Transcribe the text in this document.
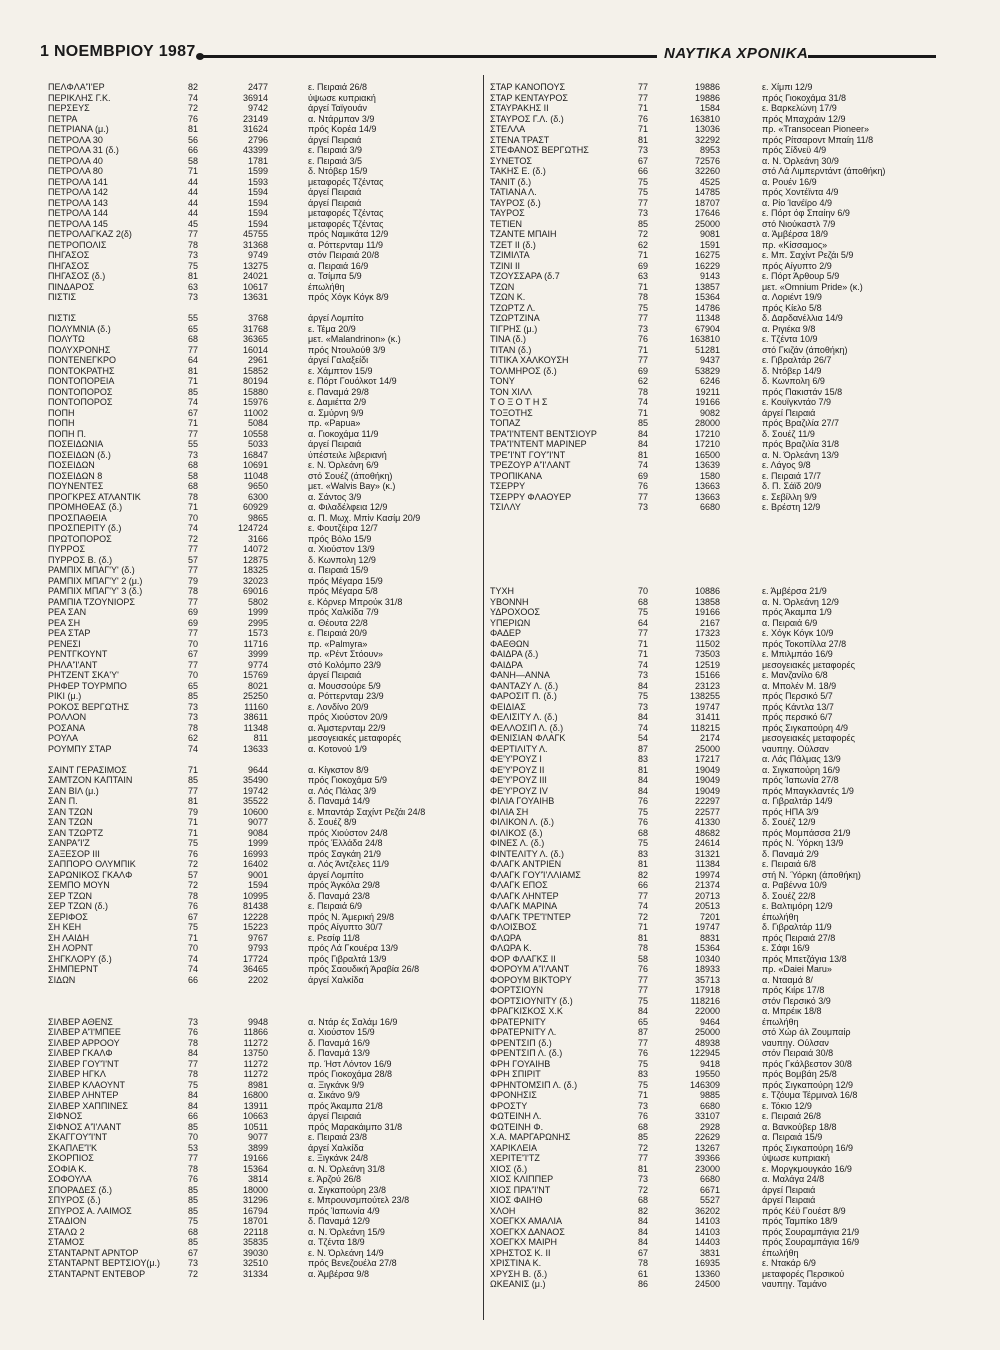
1 ΝΟΕΜΒΡΙΟΥ 1987	ΝΑΥΤΙΚΑ ΧΡΟΝΙΚΑ
ΠΕΛΦΛΑ'Ί'ΕΡ	82	2477	ε. Πειραιά 26/8
ΠΕΡΙΚΛΗΣ Γ.Κ.	74	36914	ύψωσε κυπριακή
ΠΕΡΣΕΥΣ	72	9742	άργεί Ταϊγουάν
ΠΕΤΡΑ	76	23149	α. Ντάρμπαν 3/9
ΠΕΤΡΙΑΝΑ (μ.)	81	31624	πρός Κορέα 14/9
ΠΕΤΡΟΛΑ 30	56	2796	άργεί Πειραιά
ΠΕΤΡΟΛΑ 31 (δ.)	66	43399	ε. Πειραιά 3/9
ΠΕΤΡΟΛΑ 40	58	1781	ε. Πειραιά 3/5
ΠΕΤΡΟΛΑ 80	71	1599	δ. Ντόβερ 15/9
ΠΕΤΡΟΛΑ 141	44	1593	μεταφορές Τζέντας
ΠΕΤΡΟΛΑ 142	44	1594	άργεί Πειραιά
ΠΕΤΡΟΛΑ 143	44	1594	άργεί Πειραιά
ΠΕΤΡΟΛΑ 144	44	1594	μεταφορές Τζέντας
ΠΕΤΡΟΛΑ 145	45	1594	μεταφορές Τζέντας
ΠΕΤΡΟΛΑΓΚΑΖ 2(δ)	77	45755	πρός Ναμικάτα 12/9
ΠΕΤΡΟΠΟΛΙΣ	78	31368	α. Ρόττερνταμ 11/9
ΠΗΓΑΣΟΣ	73	9749	στόν Πειραιά 20/8
ΠΗΓΑΣΟΣ	75	13275	α. Πειραιά 16/9
ΠΗΓΑΣΟΣ (δ.)	81	24021	α. Τσίμπα 5/9
ΠΙΝΔΑΡΟΣ	63	10617	έπωλήθη
ΠΙΣΤΙΣ	73	13631	πρός Χόγκ Κόγκ 8/9
ΠΙΣΤΙΣ	55	3768	άργεί Λομπίτο
ΠΟΛΥΜΝΙΑ (δ.)	65	31768	ε. Τέμα 20/9
ΠΟΛΥΤΩ	68	36365	μετ. «Malandrinon» (κ.)
ΠΟΛΥΧΡΟΝΗΣ	77	16014	πρός Ντουλούθ 3/9
ΠΟΝΤΕΝΕΓΚΡΟ	64	2961	άργεί Γαλαξείδι
ΠΟΝΤΟΚΡΑΤΗΣ	81	15852	ε. Χάμπτον 15/9
ΠΟΝΤΟΠΟΡΕΙΑ	71	80194	ε. Πόρτ Γουόλκοτ 14/9
ΠΟΝΤΟΠΟΡΟΣ	85	15880	ε. Παναμά 29/8
ΠΟΝΤΟΠΟΡΟΣ	74	15976	ε. Δαμιέττα 2/9
ΠΟΠΗ	67	11002	α. Σμύρνη 9/9
ΠΟΠΗ	71	5084	πρ. «Papua»
ΠΟΠΗ Π.	77	10558	α. Γιοκοχάμα 11/9
ΠΟΣΕΙΔΩΝΙΑ	55	5033	άργεί Πειραιά
ΠΟΣΕΙΔΩΝ (δ.)	73	16847	ύπέστειλε λιβεριανή
ΠΟΣΕΙΔΩΝ	68	10691	ε. Ν. Όρλεάνη 6/9
ΠΟΣΕΙΔΩΝ 8	58	11048	στό Σουέζ (άποθήκη)
ΠΟΥΝΕΝΤΕΣ	68	9650	μετ. «Walvis Bay» (κ.)
ΠΡΟΓΚΡΕΣ ΑΤΛΑΝΤΙΚ	78	6300	α. Σάντος 3/9
ΠΡΟΜΗΘΕΑΣ (δ.)	71	60929	α. Φιλαδέλφεια 12/9
ΠΡΟΣΠΑΘΕΙΑ	70	9865	α. Π. Μωχ. Μπίν Κασίμ 20/9
ΠΡΟΣΠΕΡΙΤΥ (δ.)	74	124724	ε. Φουτζέιρα 12/7
ΠΡΩΤΟΠΟΡΟΣ	72	3166	πρός Βόλο 15/9
ΠΥΡΡΟΣ	77	14072	α. Χιούστον 13/9
ΠΥΡΡΟΣ Β. (δ.)	57	12875	δ. Κωνπολη 12/9
ΡΑΜΠΙΧ ΜΠΑΓ'Υ' (δ.)	77	18325	α. Πειραιά 15/9
ΡΑΜΠΙΧ ΜΠΑΓ'Υ' 2 (μ.)	79	32023	πρός Μέγαρα 15/9
ΡΑΜΠΙΧ ΜΠΑΓ'Υ' 3 (δ.)	78	69016	πρός Μέγαρα 5/8
ΡΑΜΠΙΑ ΤΖΟΥΝΙΟΡΣ	77	5802	ε. Κόρνερ Μπρούκ 31/8
ΡΕΑ ΣΑΝ	69	1999	πρός Χαλκίδα 7/9
ΡΕΑ ΣΗ	69	2995	α. Θέουτα 22/8
ΡΕΑ ΣΤΑΡ	77	1573	ε. Πειραιά 20/9
ΡΕΝΕΣΙ	70	11716	πρ. «Palmyra»
ΡΕΝΤΓΚΟΥΝΤ	67	3999	πρ. «Ρέντ Στόουν»
ΡΗΛΑ'Ί'ΑΝΤ	77	9774	στό Κολόμπο 23/9
ΡΗΤΖΕΝΤ ΣΚΑ'Υ'	70	15769	άργεί Πειραιά
ΡΗΦΕΡ ΤΟΥΡΜΠΟ	65	8021	α. Μουσσούρε 5/9
ΡΙΚΙ (μ.)	85	25250	α. Ρόττερνταμ 23/9
ΡΟΚΟΣ ΒΕΡΓΩΤΗΣ	73	11160	ε. Λονδίνο 20/9
ΡΟΛΛΟΝ	73	38611	πρός Χιούστον 20/9
ΡΟΣΑΝΑ	78	11348	α. Άμστερνταμ 22/9
ΡΟΥΛΑ	62	811	μεσογειακές μεταφορές
ΡΟΥΜΠΥ ΣΤΑΡ	74	13633	α. Κοτονού 1/9
ΣΑΙΝΤ ΓΕΡΑΣΙΜΟΣ	71	9644	α. Κίγκστον 8/9
ΣΑΜΤΖΟΝ ΚΑΠΤΑΙΝ	85	35490	πρός Γιοκοχάμα 5/9
ΣΑΝ ΒΙΛ (μ.)	77	19742	α. Λός Πάλας 3/9
ΣΑΝ Π.	81	35522	δ. Παναμά 14/9
ΣΑΝ ΤΖΩΝ	79	10600	ε. Μπαντάρ Σαχίντ Ρεζάι 24/8
ΣΑΝ ΤΖΩΝ	71	9077	δ. Σουέζ 8/9
ΣΑΝ ΤΖΩΡΤΖ	71	9084	πρός Χιούστον 24/8
ΣΑΝΡΑ'Ί'Ζ	75	1999	πρός Έλλάδα 24/8
ΣΑΞΕΣΟΡ ΙΙΙ	76	16993	πρός Σαγκάη 21/9
ΣΑΠΠΟΡΟ ΟΛΥΜΠΙΚ	72	16402	α. Λός Άντζελες 11/9
ΣΑΡΩΝΙΚΟΣ ΓΚΑΛΦ	57	9001	άργεί Λομπίτο
ΣΕΜΠΟ ΜΟΥΝ	72	1594	πρός Άγκόλα 29/8
ΣΕΡ ΤΖΩΝ	78	10995	δ. Παναμά 23/8
ΣΕΡ ΤΖΩΝ (δ.)	76	81438	ε. Πειραιά 6/9
ΣΕΡΙΦΟΣ	67	12228	πρός Ν. Άμερική 29/8
ΣΗ ΚΕΗ	75	15223	πρός Αίγυπτο 30/7
ΣΗ ΛΑΙΔΗ	71	9767	ε. Ρεσίφ 11/8
ΣΗ ΛΟΡΝΤ	70	9793	πρός Λά Γκουέρα 13/9
ΣΗΓΚΛΟΡΥ (δ.)	74	17724	πρός Γιβραλτά 13/9
ΣΗΜΠΕΡΝΤ	74	36465	πρός Σαουδική Άραβία 26/8
ΣΙΔΩΝ	66	2202	άργεί Χαλκίδα
ΣΙΛΒΕΡ ΑΘΕΝΣ	73	9948	α. Ντάρ ές Σαλάμ 16/9
ΣΙΛΒΕΡ Α'Ί'ΜΠΕΕ	76	11866	α. Χιούστον 15/9
ΣΙΛΒΕΡ ΑΡΡΟΟΥ	78	11272	δ. Παναμά 16/9
ΣΙΛΒΕΡ ΓΚΑΛΦ	84	13750	δ. Παναμά 13/9
ΣΙΛΒΕΡ ΓΟΥ'Ί'ΝΤ	77	11272	πρ. Ήστ Λόντον 16/9
ΣΙΛΒΕΡ ΗΓΚΛ	78	11272	πρός Γιοκοχάμα 28/8
ΣΙΛΒΕΡ ΚΛΑΟΥΝΤ	75	8981	α. Ξιγκάνκ 9/9
ΣΙΛΒΕΡ ΛΗΝΤΕΡ	84	16800	α. Σικάνο 9/9
ΣΙΛΒΕΡ ΧΑΠΠΙΝΕΣ	84	13911	πρός Άκαμπα 21/8
ΣΙΦΝΟΣ	66	10663	άργεί Πειραιά
ΣΙΦΝΟΣ Α'Ί'ΛΑΝΤ	85	10511	πρός Μαρακάιμπο 31/8
ΣΚΑΓΓΟΥ'Ί'ΝΤ	70	9077	ε. Πειραιά 23/8
ΣΚΑΠΛΕ'Ί'Κ	53	3899	άργεί Χαλκίδα
ΣΚΟΡΠΙΟΣ	77	19166	ε. Ξιγκάνκ 24/8
ΣΟΦΙΑ Κ.	78	15364	α. Ν. Όρλεάνη 31/8
ΣΟΦΟΥΛΑ	76	3814	ε. Άρζού 26/8
ΣΠΟΡΑΔΕΣ (δ.)	85	18000	α. Σιγκαπούρη 23/8
ΣΠΥΡΟΣ (δ.)	85	31296	ε. Μπρουνσμπούτελ 23/8
ΣΠΥΡΟΣ Α. ΛΑΙΜΟΣ	85	16794	πρός Ίαπωνία 4/9
ΣΤΑΔΙΟΝ	75	18701	δ. Παναμά 12/9
ΣΤΑΛΩ 2	68	22118	α. Ν. Όρλεάνη 15/9
ΣΤΑΜΟΣ	85	35835	α. Τζέντα 18/9
ΣΤΑΝΤΑΡΝΤ ΑΡΝΤΟΡ	67	39030	ε. Ν. Όρλεάνη 14/9
ΣΤΑΝΤΑΡΝΤ ΒΕΡΤΣΙΟΥ(μ.)	73	32510	πρός Βενεζουέλα 27/8
ΣΤΑΝΤΑΡΝΤ ΕΝΤΕΒΟΡ	72	31334	α. Άμβέρσα 9/8
ΣΤΑΡ ΚΑΝΟΠΟΥΣ	77	19886	ε. Χίμπι 12/9
ΣΤΑΡ ΚΕΝΤΑΥΡΟΣ	77	19886	πρός Γιοκοχάμα 31/8
ΣΤΑΥΡΑΚΗΣ ΙΙ	71	1584	ε. Βαρκελώνη 17/9
ΣΤΑΥΡΟΣ Γ.Λ. (δ.)	76	163810	πρός Μπαχράιν 12/9
ΣΤΕΛΛΑ	71	13036	πρ. «Transocean Pioneer»
ΣΤΕΝΑ ΤΡΑΣΤ	81	32292	πρός Ρίτσαροντ Μπαίη 11/8
ΣΤΕΦΑΝΟΣ ΒΕΡΓΩΤΗΣ	73	8953	πρός Σίδνεϋ 4/9
ΣΥΝΕΤΟΣ	67	72576	α. Ν. Όρλεάνη 30/9
ΤΑΚΗΣ Ε. (δ.)	66	32260	στό Λά Λιμπερντάντ (άποθήκη)
ΤΑΝΙΤ (δ.)	75	4525	α. Ρουέν 16/9
ΤΑΤΙΑΝΑ Λ.	75	14785	πρός Χοντέϊντα 4/9
ΤΑΥΡΟΣ (δ.)	77	18707	α. Ρίο Ίανέϊρο 4/9
ΤΑΥΡΟΣ	73	17646	ε. Πόρτ όφ Σπαίην 6/9
ΤΕΤΙΕΝ	85	25000	στό Νιούκαστλ 7/9
ΤΖΑΝΤΕ ΜΠΑΙΗ	72	9081	α. Άμβέρσα 18/9
ΤΖΕΤ ΙΙ (δ.)	62	1591	πρ. «Κίσσαμος»
ΤΖΙΜΙΛΤΑ	71	16275	ε. Μπ. Σαχίντ Ρεζάι 5/9
ΤΖΙΝΙ ΙΙ	69	16229	πρός Αίγυπτο 2/9
ΤΖΟΥΣΣΑΡΑ (δ.7	63	9143	ε. Πόρτ Άρθουρ 5/9
ΤΖΩΝ	71	13857	μετ. «Omnium Pride» (κ.)
ΤΖΩΝ Κ.	78	15364	α. Λοριέντ 19/9
ΤΖΩΡΤΖ Λ.	75	14786	πρός Κίελο 5/8
ΤΖΩΡΤΖΙΝΑ	77	11348	δ. Δαρδανέλλια 14/9
ΤΙΓΡΗΣ (μ.)	73	67904	α. Ριγιέκα 9/8
ΤΙΝΑ (δ.)	76	163810	ε. Τζέντα 10/9
ΤΙΤΑΝ (δ.)	71	51281	στό Γκιζάν (άποθήκη)
ΤΙΤΙΚΑ ΧΑΛΚΟΥΣΗ	77	9437	ε. Γιβραλτάρ 26/7
ΤΟΛΜΗΡΟΣ (δ.)	69	53829	δ. Ντόβερ 14/9
ΤΟΝΥ	62	6246	δ. Κωνπολη 6/9
ΤΟΝ ΧΙΛΛ	78	19211	πρός Πακιστάν 15/8
Τ Ο Ξ Ο Τ Η Σ	74	19166	ε. Κουϊγκντάο 7/9
ΤΟΞΟΤΗΣ	71	9082	άργεί Πειραιά
ΤΟΠΑΖ	85	28000	πρός Βραζιλία 27/7
ΤΡΑ'Ί'ΝΤΕΝΤ ΒΕΝΤΣΙΟΥΡ	84	17210	δ. Σουέζ 11/9
ΤΡΑ'Ί'ΝΤΕΝΤ ΜΑΡΙΝΕΡ	84	17210	πρός Βραζιλία 31/8
ΤΡΕ'Ί'ΝΤ ΓΟΥ'Ί'ΝΤ	81	16500	α. Ν. Όρλεάνη 13/9
ΤΡΕΖΟΥΡ Α'Ί'ΛΑΝΤ	74	13639	ε. Λάγος 9/8
ΤΡΟΠΙΚΑΝΑ	69	1580	ε. Πειραιά 17/7
ΤΣΕΡΡΥ	76	13663	δ. Π. Σάϊδ 20/9
ΤΣΕΡΡΥ ΦΛΑΟΥΕΡ	77	13663	ε. Σεβίλλη 9/9
ΤΣΙΛΛΥ	73	6680	ε. Βρέστη 12/9
ΤΥΧΗ	70	10886	ε. Άμβέρσα 21/9
ΥΒΟΝΝΗ	68	13858	α. Ν. Όρλεάνη 12/9
ΥΔΡΟΧΟΟΣ	75	19166	πρός Άκαμπα 1/9
ΥΠΕΡΙΩΝ	64	2167	α. Πειραιά 6/9
ΦΑΔΕΡ	77	17323	ε. Χόγκ Κόγκ 10/9
ΦΑΕΘΩΝ	71	11502	πρός Τοκοπίλλα 27/8
ΦΑΙΔΡΑ (δ.)	71	73503	ε. Μπιλμπάο 16/9
ΦΑΙΔΡΑ	74	12519	μεσογειακές μεταφορές
ΦΑΝΗ—ΑΝΝΑ	73	15166	ε. Μανζανίλο 6/8
ΦΑΝΤΑΖΥ Λ. (δ.)	84	23123	α. Μπολέν Μ. 18/9
ΦΑΡΟΣΙΤ Π. (δ.)	75	138255	πρός Περσικό 5/7
ΦΕΙΔΙΑΣ	73	19747	πρός Κάντλα 13/7
ΦΕΛΙΣΙΤΥ Λ. (δ.)	84	31411	πρός περσικό 6/7
ΦΕΛΛΟΣΙΠ Λ. (δ.)	74	118215	πρός Σιγκαπούρη 4/9
ΦΕΝΙΣΙΑΝ ΦΛΑΓΚ	54	2174	μεσογειακές μεταφορές
ΦΕΡΤΙΛΙΤΥ Λ.	87	25000	ναυπηγ. Ούλσαν
ΦΕ'Υ'ΡΟΥΖ Ι	83	17217	α. Λάς Πάλμας 13/9
ΦΕ'Υ'ΡΟΥΖ ΙΙ	81	19049	α. Σιγκαπούρη 16/9
ΦΕ'Υ'ΡΟΥΖ ΙΙΙ	84	19049	πρός Ίαπωνία 27/8
ΦΕ'Υ'ΡΟΥΖ ΙV	84	19049	πρός Μπαγκλαντές 1/9
ΦΙΛΙΑ ΓΟΥΑΙΗΒ	76	22297	α. Γιβραλτάρ 14/9
ΦΙΛΙΑ ΣΗ	75	22577	πρός ΗΠΑ 3/9
ΦΙΛΙΚΟΝ Λ. (δ.)	76	41330	δ. Σουέζ 12/9
ΦΙΛΙΚΟΣ (δ.)	68	48682	πρός Μομπάσσα 21/9
ΦΙΝΕΣ Λ. (δ.)	75	24614	πρός Ν. Ύόρκη 13/9
ΦΙΝΤΕΛΙΤΥ Λ. (δ.)	83	31321	δ. Παναμά 2/9
ΦΛΑΓΚ ΑΝΤΡΙΕΝ	81	11384	ε. Πειραιά 6/8
ΦΛΑΓΚ ΓΟΥ'Ί'ΛΛΙΑΜΣ	82	19974	στή Ν. Ύόρκη (άποθήκη)
ΦΛΑΓΚ ΕΠΟΣ	66	21374	α. Ραβέννα 10/9
ΦΛΑΓΚ ΛΗΝΤΕΡ	77	20713	δ. Σουέζ 22/8
ΦΛΑΓΚ ΜΑΡΙΝΑ	74	20513	ε. Βαλτιμόρη 12/9
ΦΛΑΓΚ ΤΡΕ'Ί'ΝΤΕΡ	72	7201	έπωλήθη
ΦΛΟΙΣΒΟΣ	71	19747	δ. Γιβραλτάρ 11/9
ΦΛΩΡΑ	81	8831	πρός Πειραιά 27/8
ΦΛΩΡΑ Κ.	78	15364	ε. Σάφι 16/9
ΦΟΡ ΦΛΑΓΚΣ ΙΙ	58	10340	πρός Μπετζάγια 13/8
ΦΟΡΟΥΜ Α'Ί'ΛΑΝΤ	76	18933	πρ. «Daiei Maru»
ΦΟΡΟΥΜ ΒΙΚΤΟΡΥ	77	35713	α. Ντααμά 8/
ΦΟΡΤΣΙΟΥΝ	77	17918	πρός Κιίρε 17/8
ΦΟΡΤΣΙΟΥΝΙΤΥ (δ.)	75	118216	στόν Περσικό 3/9
ΦΡΑΓΚΙΣΚΟΣ Χ.Κ	84	22000	α. Μπρέικ 18/8
ΦΡΑΤΕΡΝΙΤΥ	65	9464	έπωλήθη
ΦΡΑΤΕΡΝΙΤΥ Λ.	87	25000	στό Χώρ άλ Ζουμπαίρ
ΦΡΕΝΤΣΙΠ (δ.)	77	48938	ναυπηγ. Ούλσαν
ΦΡΕΝΤΣΙΠ Λ. (δ.)	76	122945	στόν Πειραιά 30/8
ΦΡΗ ΓΟΥΑΙΗΒ	75	9418	πρός Γκάλβεστον 30/8
ΦΡΗ ΣΠΙΡΙΤ	83	19550	πρός Βομβάη 25/8
ΦΡΗΝΤΟΜΣΙΠ Λ. (δ.)	75	146309	πρός Σιγκαπούρη 12/9
ΦΡΟΝΗΣΙΣ	71	9885	ε. Τζόυμα Τέρμιναλ 16/8
ΦΡΟΣΤΥ	73	6680	ε. Τόκιο 12/9
ΦΩΤΕΙΝΗ Λ.	76	33107	ε. Πειραιά 26/8
ΦΩΤΕΙΝΗ Φ.	68	2928	α. Βανκούβερ 18/8
Χ.Α. ΜΑΡΓΑΡΩΝΗΣ	85	22629	α. Πειραιά 15/9
ΧΑΡΙΚΛΕΙΑ	72	13267	πρός Σιγκαπούρη 16/9
ΧΕΡΙΤΕ'Ί'ΤΖ	77	39366	ύψωσε κυπριακή
ΧΙΟΣ (δ.)	81	23000	ε. Μοργκμουγκάο 16/9
ΧΙΟΣ ΚΛΙΠΠΕΡ	73	6680	α. Μαλάγα 24/8
ΧΙΟΣ ΠΡΑ'Ί'ΝΤ	72	6671	άργεί Πειραιά
ΧΙΟΣ ΦΑΙΗΘ	68	5527	άργεί Πειραιά
ΧΛΟΗ	82	36202	πρός Κέϋ Γουέστ 8/9
ΧΟΕΓΚΧ ΑΜΑΛΙΑ	84	14103	πρός Ταμπίκο 18/9
ΧΟΕΓΚΧ ΔΑΝΑΟΣ	84	14103	πρός Σουραμπάγια 21/9
ΧΟΕΓΚΧ ΜΑΙΡΗ	84	14403	πρός Σουραμπάγια 16/9
ΧΡΗΣΤΟΣ Κ. ΙΙ	67	3831	έπωλήθη
ΧΡΙΣΤΙΝΑ Κ.	78	16935	ε. Ντακάρ 6/9
ΧΡΥΣΗ Β. (δ.)	61	13360	μεταφορές Περσικού
ΩΚΕΑΝΙΣ (μ.)	86	24500	ναυπηγ. Ταμάνο
